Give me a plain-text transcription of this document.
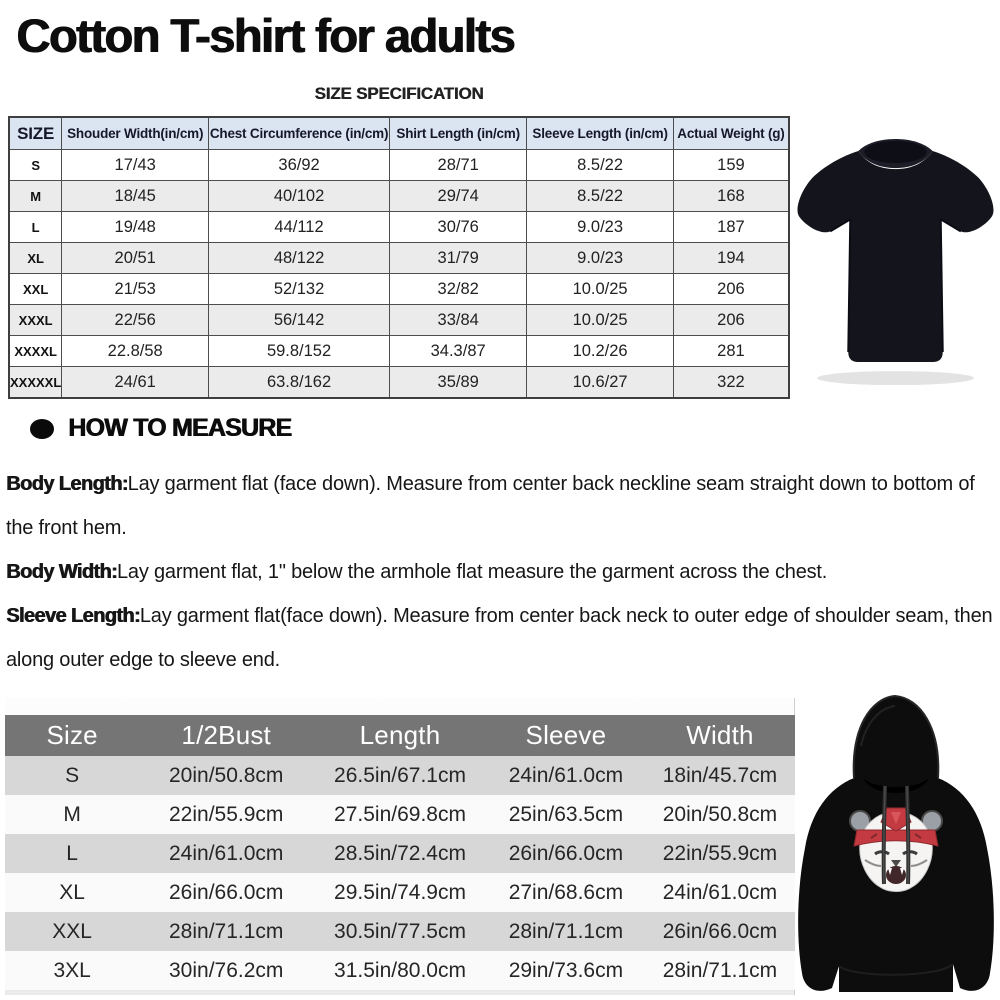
Cotton T-shirt for adults
SIZE SPECIFICATION
SIZE	Shouder Width(in/cm)	Chest Circumference (in/cm)	Shirt Length (in/cm)	Sleeve Length (in/cm)	Actual Weight (g)
S	17/43	36/92	28/71	8.5/22	159
M	18/45	40/102	29/74	8.5/22	168
L	19/48	44/112	30/76	9.0/23	187
XL	20/51	48/122	31/79	9.0/23	194
XXL	21/53	52/132	32/82	10.0/25	206
XXXL	22/56	56/142	33/84	10.0/25	206
XXXXL	22.8/58	59.8/152	34.3/87	10.2/26	281
XXXXXL	24/61	63.8/162	35/89	10.6/27	322
HOW TO MEASURE

Body Length:Lay garment flat (face down). Measure from center back neckline seam straight down to bottom of the front hem.

Body Width:Lay garment flat, 1" below the armhole flat measure the garment across the chest.

Sleeve Length:Lay garment flat(face down). Measure from center back neck to outer edge of shoulder seam, then along outer edge to sleeve end.

Size	1/2Bust	Length	Sleeve	Width
S	20in/50.8cm	26.5in/67.1cm	24in/61.0cm	18in/45.7cm
M	22in/55.9cm	27.5in/69.8cm	25in/63.5cm	20in/50.8cm
L	24in/61.0cm	28.5in/72.4cm	26in/66.0cm	22in/55.9cm
XL	26in/66.0cm	29.5in/74.9cm	27in/68.6cm	24in/61.0cm
XXL	28in/71.1cm	30.5in/77.5cm	28in/71.1cm	26in/66.0cm
3XL	30in/76.2cm	31.5in/80.0cm	29in/73.6cm	28in/71.1cm
